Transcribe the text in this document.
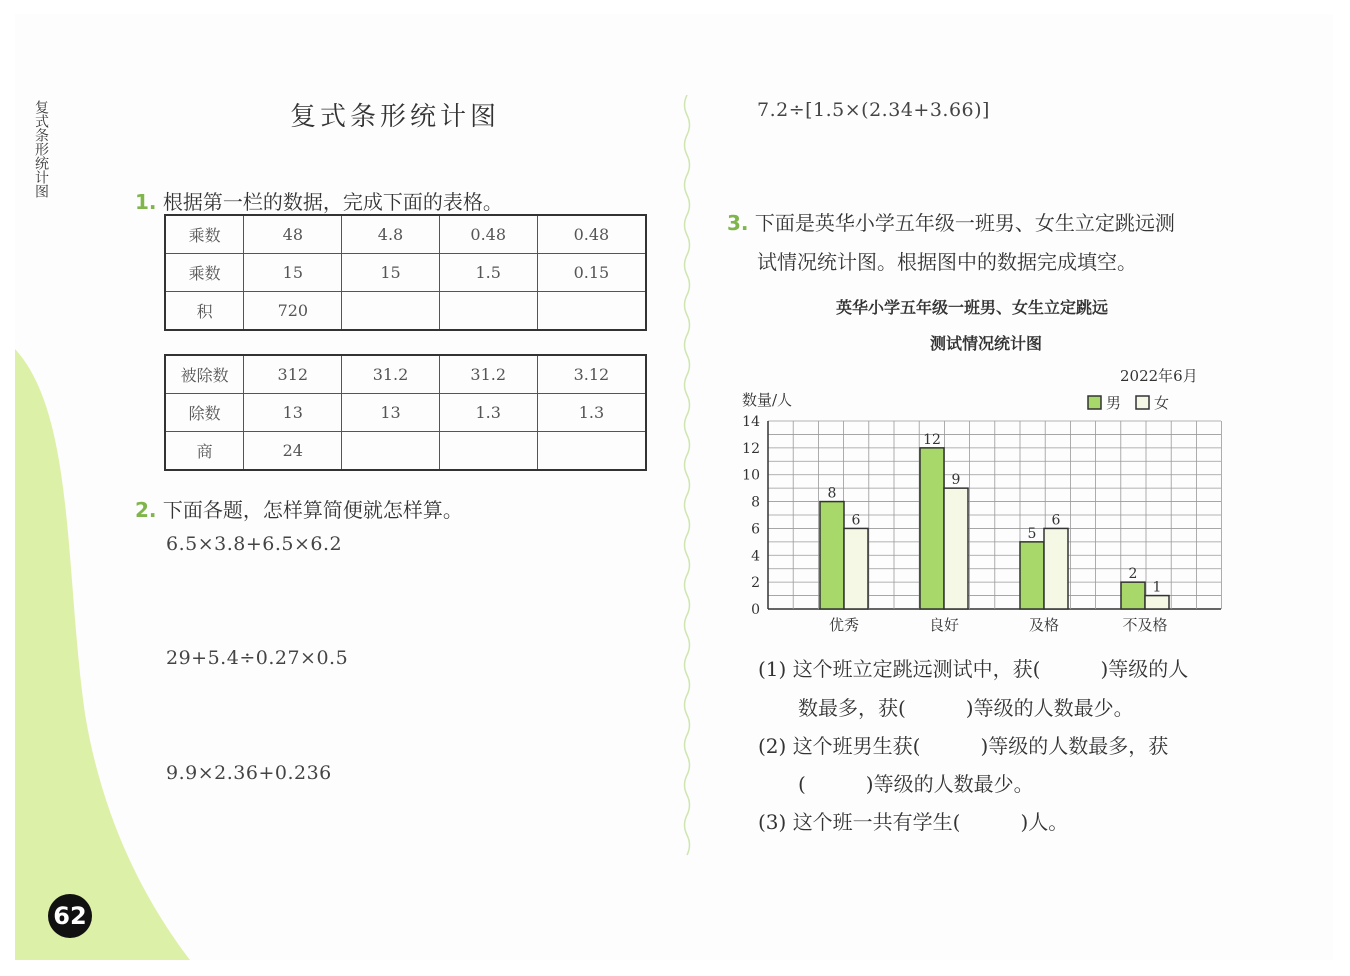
复式条形统计图
62
复式条形统计图
1. 根据第一栏的数据，完成下面的表格。
乘数	48	4.8	0.48	0.48
乘数	15	15	1.5	0.15
积	720			
被除数	312	31.2	31.2	3.12
除数	13	13	1.3	1.3
商	24			
2. 下面各题，怎样算简便就怎样算。
6.5×3.8+6.5×6.2
29+5.4÷0.27×0.5
9.9×2.36+0.236
7.2÷[1.5×(2.34+3.66)]
3. 下面是英华小学五年级一班男、女生立定跳远测
试情况统计图。根据图中的数据完成填空。
英华小学五年级一班男、女生立定跳远
测试情况统计图
2022年6月
数量/人	男 女
0
2
4
6
8
10
12
14
8
6
优秀
12
9
良好
5
6
及格
2
1
不及格
(1) 这个班立定跳远测试中，获(　　　)等级的人
数最多，获(　　　)等级的人数最少。
(2) 这个班男生获(　　　)等级的人数最多，获
(　　　)等级的人数最少。
(3) 这个班一共有学生(　　　)人。
